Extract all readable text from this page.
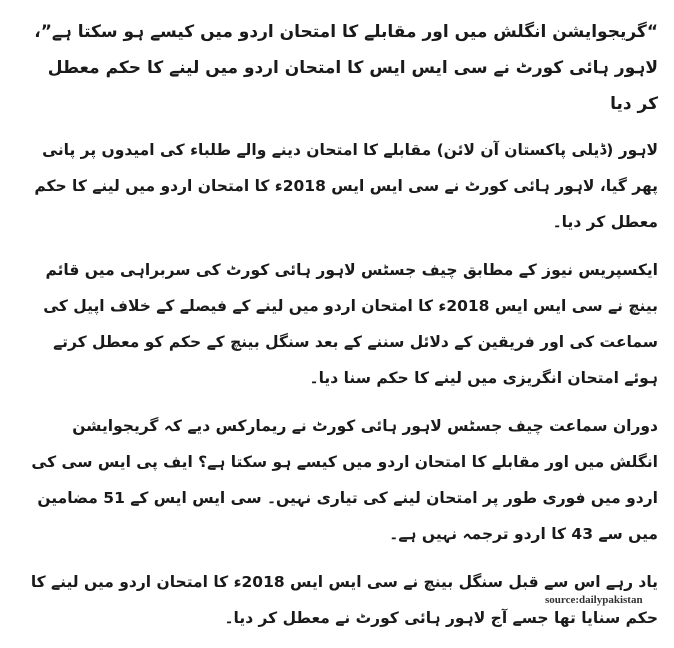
“گریجوایشن انگلش میں اور مقابلے کا امتحان اردو میں کیسے ہو سکتا ہے”، لاہور ہائی کورٹ نے سی ایس ایس کا امتحان اردو میں لینے کا حکم معطل کر دیا

لاہور (ڈیلی پاکستان آن لائن) مقابلے کا امتحان دینے والے طلباء کی امیدوں پر پانی پھر گیا، لاہور ہائی کورٹ نے سی ایس ایس 2018ء کا امتحان اردو میں لینے کا حکم معطل کر دیا۔

ایکسپریس نیوز کے مطابق چیف جسٹس لاہور ہائی کورٹ کی سربراہی میں قائم بینچ نے سی ایس ایس 2018ء کا امتحان اردو میں لینے کے فیصلے کے خلاف اپیل کی سماعت کی اور فریقین کے دلائل سننے کے بعد سنگل بینچ کے حکم کو معطل کرتے ہوئے امتحان انگریزی میں لینے کا حکم سنا دیا۔

دوران سماعت چیف جسٹس لاہور ہائی کورٹ نے ریمارکس دیے کہ گریجوایشن انگلش میں اور مقابلے کا امتحان اردو میں کیسے ہو سکتا ہے؟ ایف پی ایس سی کی اردو میں فوری طور پر امتحان لینے کی تیاری نہیں۔ سی ایس ایس کے 51 مضامین میں سے 43 کا اردو ترجمہ نہیں ہے۔

یاد رہے اس سے قبل سنگل بینچ نے سی ایس ایس 2018ء کا امتحان اردو میں لینے کا حکم سنایا تھا جسے آج لاہور ہائی کورٹ نے معطل کر دیا۔

source:dailypakistan
